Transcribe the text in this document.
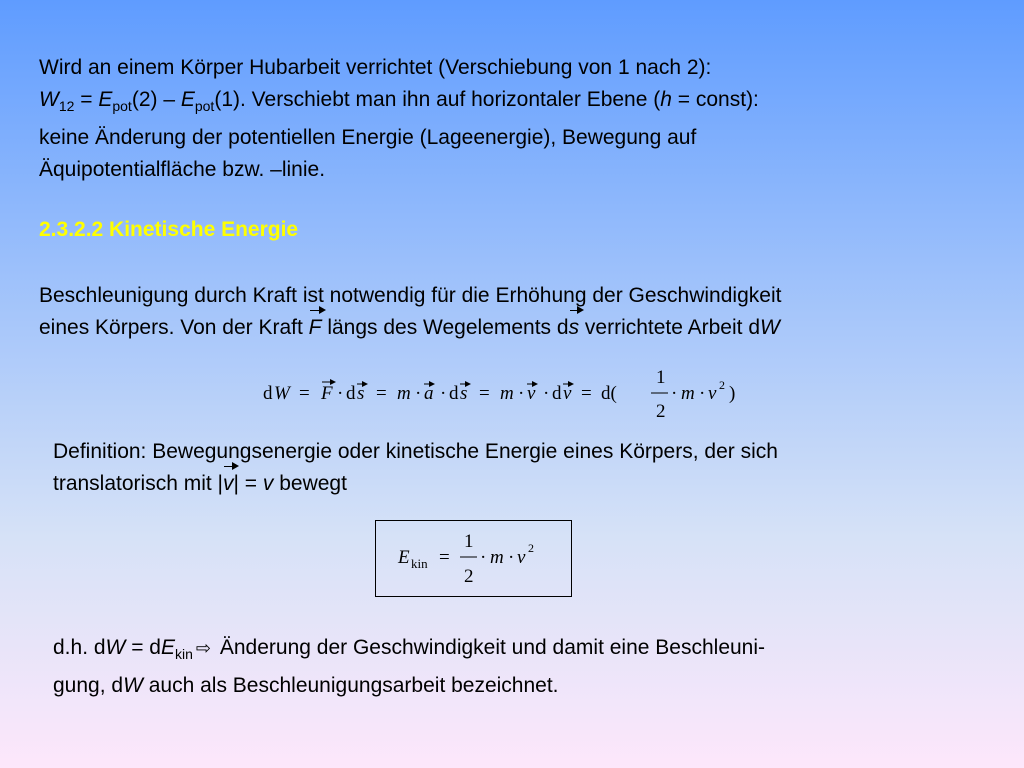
Wird an einem Körper Hubarbeit verrichtet (Verschiebung von 1 nach 2):
$W_{12} = E_{pot}(2) - E_{pot}(1)$. Verschiebt man ihn auf horizontaler Ebene (h = const):
keine Änderung der potentiellen Energie (Lageenergie), Bewegung auf
Äquipotentialfläche bzw. –linie.
2.3.2.2 Kinetische Energie
Beschleunigung durch Kraft ist notwendig für die Erhöhung der Geschwindigkeit
eines Körpers. Von der Kraft F längs des Wegelements ds verrichtete Arbeit dW
d W = F · d s = m · a · d s = m · v · d v = d(
1
2
· m · v 2 )
Definition: Bewegungsenergie oder kinetische Energie eines Körpers, der sich
translatorisch mit |v| = v bewegt
E kin =
1
2
· m · v 2
d.h. dW = $dE_{kin}$ ⇨ Änderung der Geschwindigkeit und damit eine Beschleuni-
gung, dW auch als Beschleunigungsarbeit bezeichnet.
